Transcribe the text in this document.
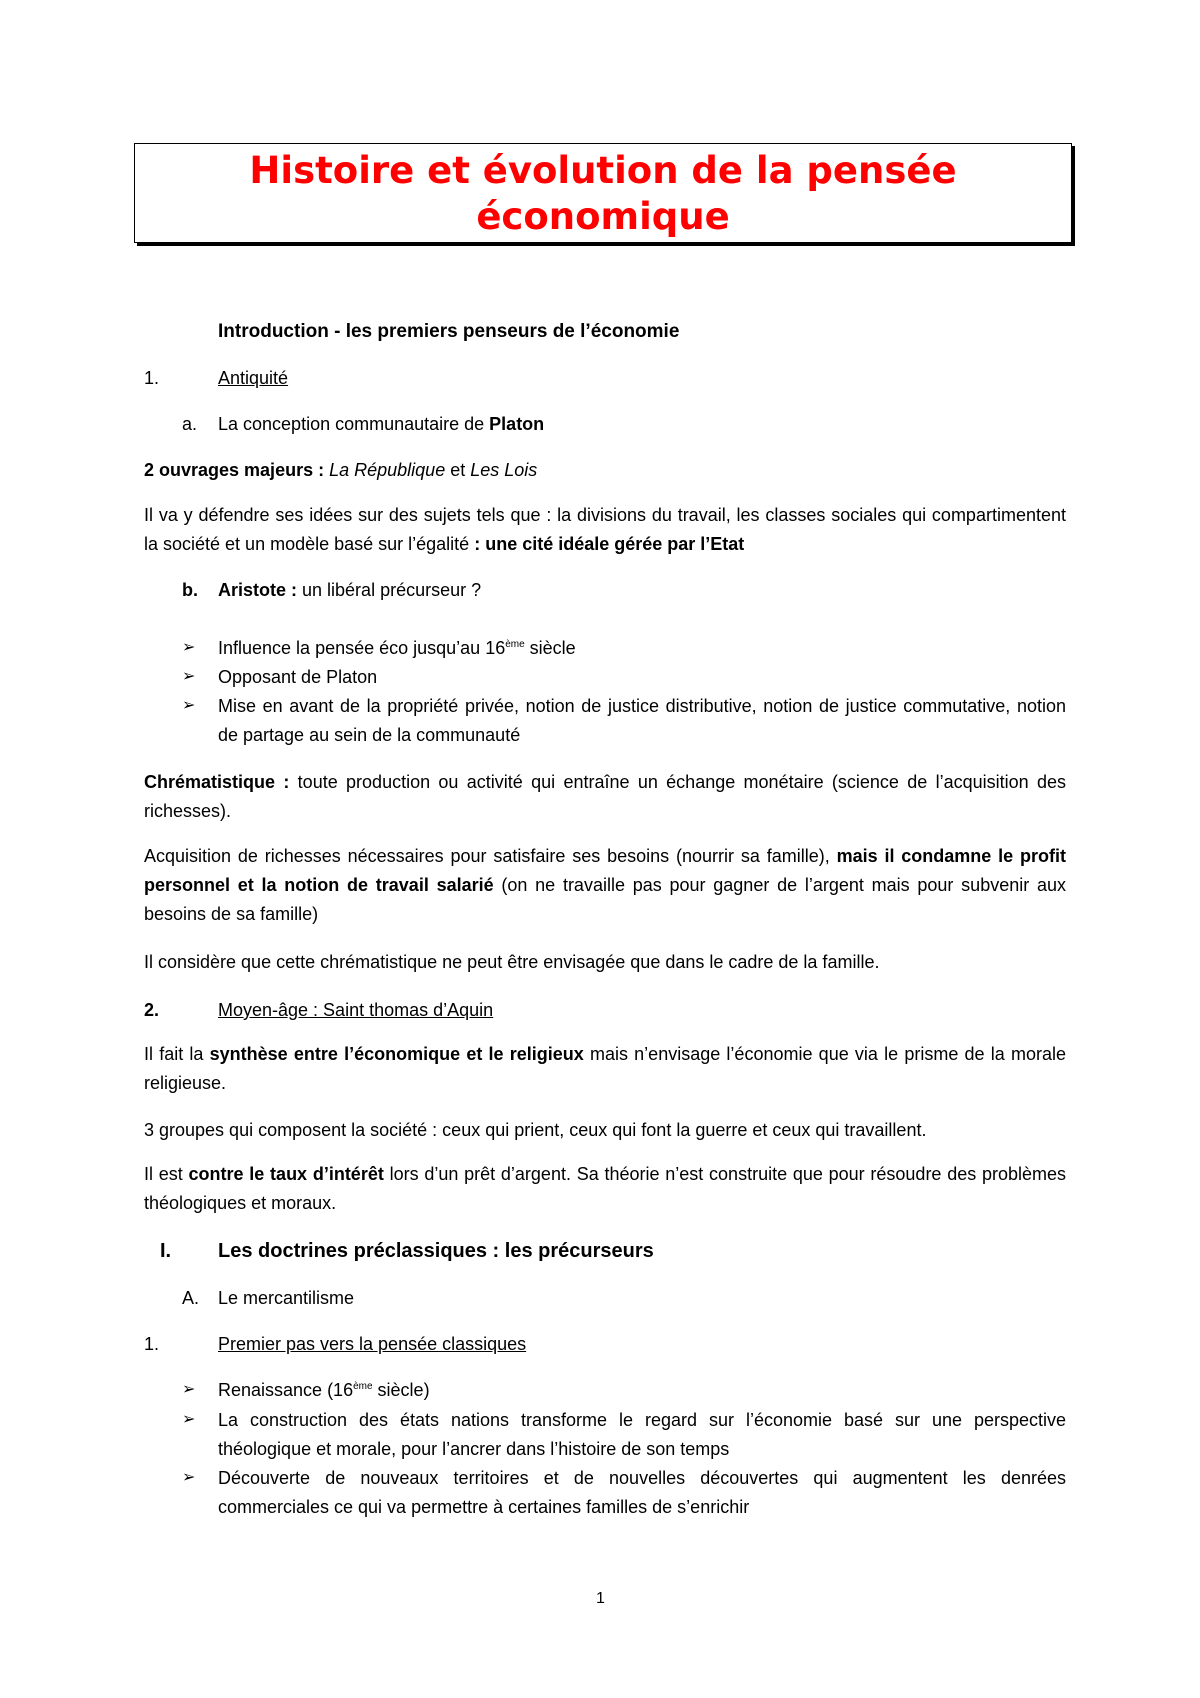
Histoire et évolution de la pensée
économique
Introduction - les premiers penseurs de l’économie
1.	Antiquité
a. La conception communautaire de Platon
2 ouvrages majeurs : La République et Les Lois
Il va y défendre ses idées sur des sujets tels que : la divisions du travail, les classes sociales qui compartimentent la société et un modèle basé sur l’égalité : une cité idéale gérée par l’Etat
b. Aristote : un libéral précurseur ?
➢ Influence la pensée éco jusqu’au 16ème siècle
➢ Opposant de Platon
➢ Mise en avant de la propriété privée, notion de justice distributive, notion de justice commutative, notion de partage au sein de la communauté
Chrématistique : toute production ou activité qui entraîne un échange monétaire (science de l’acquisition des richesses).
Acquisition de richesses nécessaires pour satisfaire ses besoins (nourrir sa famille), mais il condamne le profit personnel et la notion de travail salarié (on ne travaille pas pour gagner de l’argent mais pour subvenir aux besoins de sa famille)
Il considère que cette chrématistique ne peut être envisagée que dans le cadre de la famille.
2.	Moyen-âge : Saint thomas d’Aquin
Il fait la synthèse entre l’économique et le religieux mais n’envisage l’économie que via le prisme de la morale religieuse.
3 groupes qui composent la société : ceux qui prient, ceux qui font la guerre et ceux qui travaillent.
Il est contre le taux d’intérêt lors d’un prêt d’argent. Sa théorie n’est construite que pour résoudre des problèmes théologiques et moraux.
I. Les doctrines préclassiques : les précurseurs
A. Le mercantilisme
1.	Premier pas vers la pensée classiques
➢ Renaissance (16ème siècle)
➢ La construction des états nations transforme le regard sur l’économie basé sur une perspective théologique et morale, pour l’ancrer dans l’histoire de son temps
➢ Découverte de nouveaux territoires et de nouvelles découvertes qui augmentent les denrées commerciales ce qui va permettre à certaines familles de s’enrichir
1
